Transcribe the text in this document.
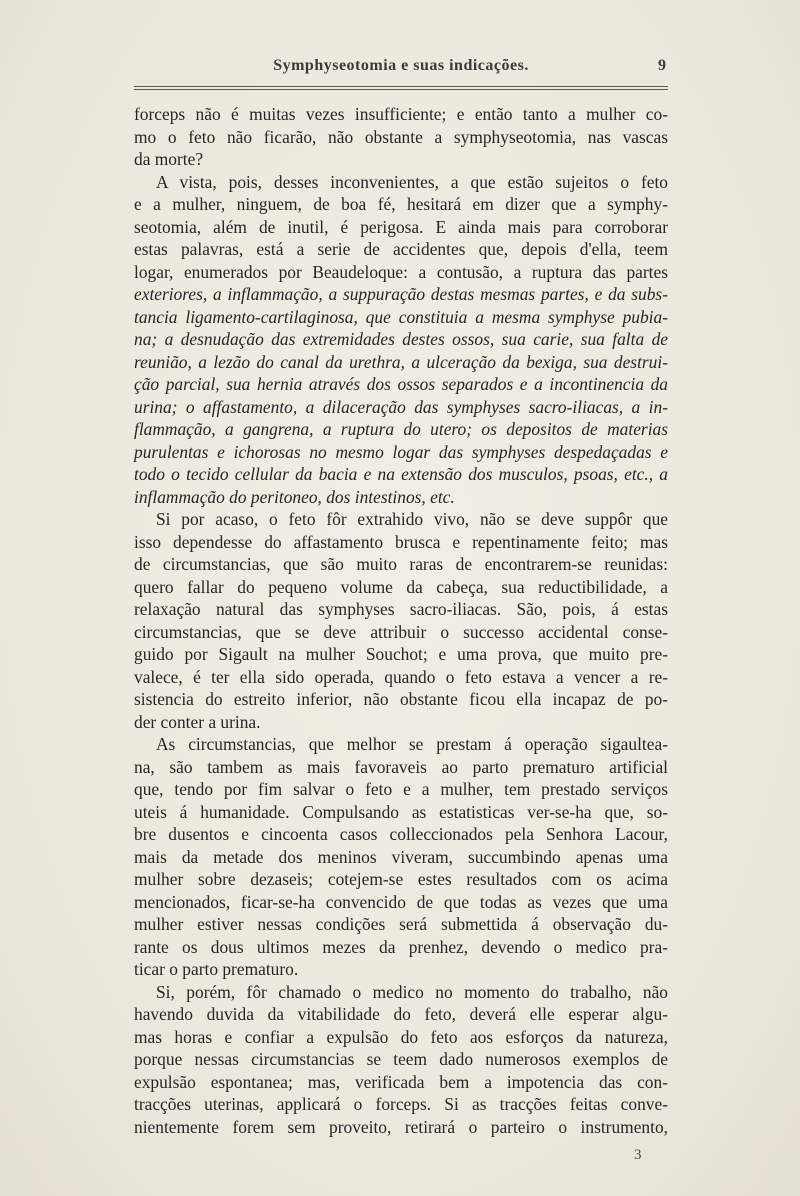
Symphyseotomia e suas indicações.	9
forceps não é muitas vezes insufficiente; e então tanto a mulher co-
mo o feto não ficarão, não obstante a symphyseotomia, nas vascas
da morte?
A vista, pois, desses inconvenientes, a que estão sujeitos o feto
e a mulher, ninguem, de boa fé, hesitará em dizer que a symphy-
seotomia, além de inutil, é perigosa. E ainda mais para corroborar
estas palavras, está a serie de accidentes que, depois d'ella, teem
logar, enumerados por Beaudeloque: a contusão, a ruptura das partes
exteriores, a inflammação, a suppuração destas mesmas partes, e da subs-
tancia ligamento-cartilaginosa, que constituia a mesma symphyse pubia-
na; a desnudação das extremidades destes ossos, sua carie, sua falta de
reunião, a lezão do canal da urethra, a ulceração da bexiga, sua destrui-
ção parcial, sua hernia através dos ossos separados e a incontinencia da
urina; o affastamento, a dilaceração das symphyses sacro-iliacas, a in-
flammação, a gangrena, a ruptura do utero; os depositos de materias
purulentas e ichorosas no mesmo logar das symphyses despedaçadas e
todo o tecido cellular da bacia e na extensão dos musculos, psoas, etc., a
inflammação do peritoneo, dos intestinos, etc.
Si por acaso, o feto fôr extrahido vivo, não se deve suppôr que
isso dependesse do affastamento brusca e repentinamente feito; mas
de circumstancias, que são muito raras de encontrarem-se reunidas:
quero fallar do pequeno volume da cabeça, sua reductibilidade, a
relaxação natural das symphyses sacro-iliacas. São, pois, á estas
circumstancias, que se deve attribuir o successo accidental conse-
guido por Sigault na mulher Souchot; e uma prova, que muito pre-
valece, é ter ella sido operada, quando o feto estava a vencer a re-
sistencia do estreito inferior, não obstante ficou ella incapaz de po-
der conter a urina.
As circumstancias, que melhor se prestam á operação sigaultea-
na, são tambem as mais favoraveis ao parto prematuro artificial
que, tendo por fim salvar o feto e a mulher, tem prestado serviços
uteis á humanidade. Compulsando as estatisticas ver-se-ha que, so-
bre dusentos e cincoenta casos colleccionados pela Senhora Lacour,
mais da metade dos meninos viveram, succumbindo apenas uma
mulher sobre dezaseis; cotejem-se estes resultados com os acima
mencionados, ficar-se-ha convencido de que todas as vezes que uma
mulher estiver nessas condições será submettida á observação du-
rante os dous ultimos mezes da prenhez, devendo o medico pra-
ticar o parto prematuro.
Si, porém, fôr chamado o medico no momento do trabalho, não
havendo duvida da vitabilidade do feto, deverá elle esperar algu-
mas horas e confiar a expulsão do feto aos esforços da natureza,
porque nessas circumstancias se teem dado numerosos exemplos de
expulsão espontanea; mas, verificada bem a impotencia das con-
tracções uterinas, applicará o forceps. Si as tracções feitas conve-
nientemente forem sem proveito, retirará o parteiro o instrumento,
3
